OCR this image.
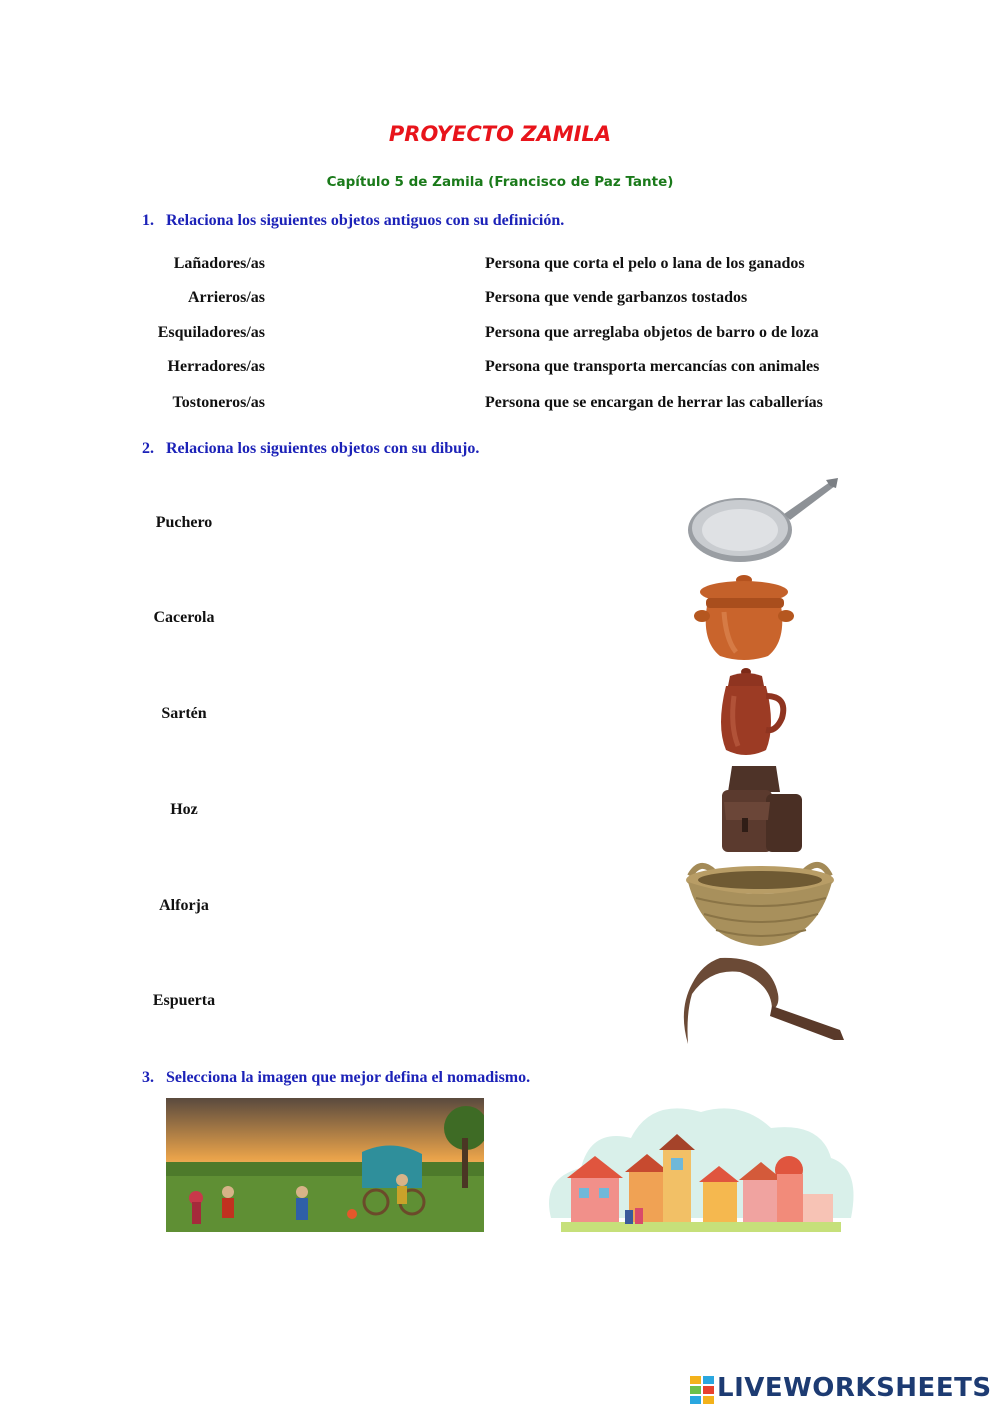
PROYECTO ZAMILA
Capítulo 5 de Zamila (Francisco de Paz Tante)
1. Relaciona los siguientes objetos antiguos con su definición.
Lañadores/as
Arrieros/as
Esquiladores/as
Herradores/as
Tostoneros/as
Persona que corta el pelo o lana de los ganados
Persona que vende garbanzos tostados
Persona que arreglaba objetos de barro o de loza
Persona que transporta mercancías con animales
Persona que se encargan de herrar las caballerías
2. Relaciona los siguientes objetos con su dibujo.
Puchero
Cacerola
Sartén
Hoz
Alforja
Espuerta
3. Selecciona la imagen que mejor defina el nomadismo.
LIVEWORKSHEETS
